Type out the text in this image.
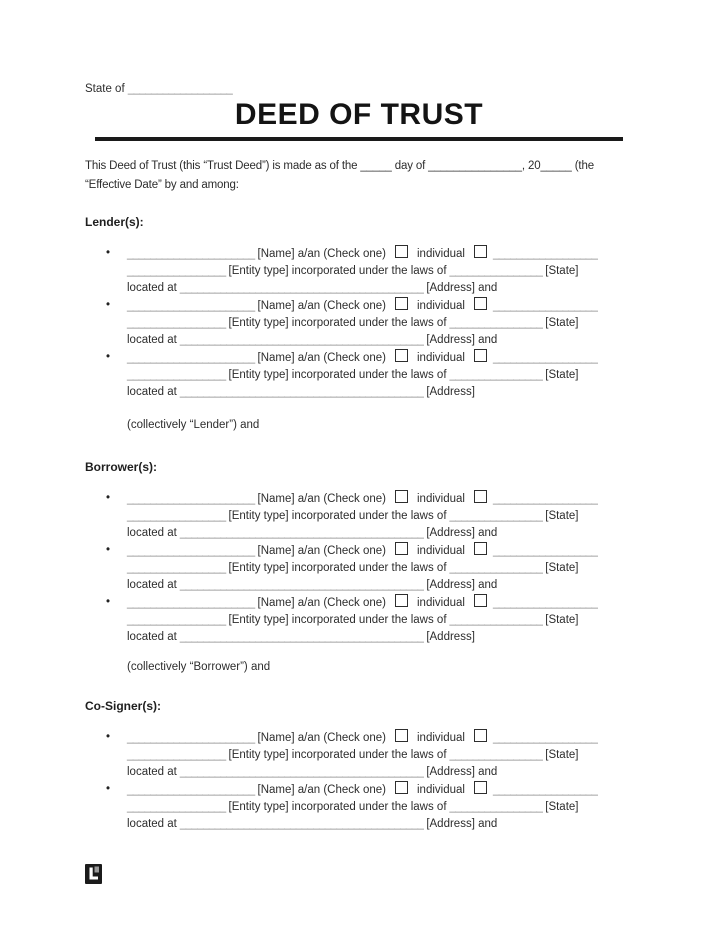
State of __________________
DEED OF TRUST

This Deed of Trust (this “Trust Deed”) is made as of the _____ day of _______________, 20_____ (the
“Effective Date” by and among:

Lender(s):
•	______________________ [Name] a/an (Check one)	individual __________________
_________________ [Entity type] incorporated under the laws of ________________ [State]
located at __________________________________________ [Address] and
•	______________________ [Name] a/an (Check one)	individual __________________
_________________ [Entity type] incorporated under the laws of ________________ [State]
located at __________________________________________ [Address] and
•	______________________ [Name] a/an (Check one)	individual __________________
_________________ [Entity type] incorporated under the laws of ________________ [State]
located at __________________________________________ [Address]

(collectively “Lender”) and

Borrower(s):
•	______________________ [Name] a/an (Check one)	individual __________________
_________________ [Entity type] incorporated under the laws of ________________ [State]
located at __________________________________________ [Address] and
•	______________________ [Name] a/an (Check one)	individual __________________
_________________ [Entity type] incorporated under the laws of ________________ [State]
located at __________________________________________ [Address] and
•	______________________ [Name] a/an (Check one)	individual __________________
_________________ [Entity type] incorporated under the laws of ________________ [State]
located at __________________________________________ [Address]

(collectively “Borrower”) and

Co-Signer(s):
•	______________________ [Name] a/an (Check one)	individual __________________
_________________ [Entity type] incorporated under the laws of ________________ [State]
located at __________________________________________ [Address] and
•	______________________ [Name] a/an (Check one)	individual __________________
_________________ [Entity type] incorporated under the laws of ________________ [State]
located at __________________________________________ [Address] and
